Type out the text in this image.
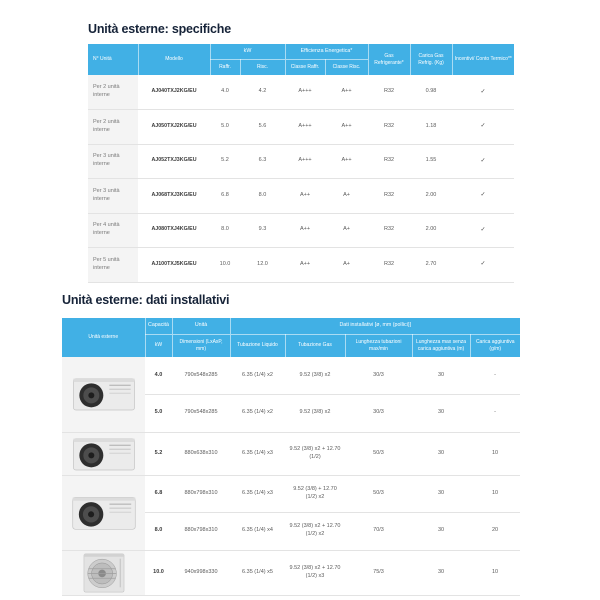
Unità esterne: specifiche
N° Unità	Modello	kW		Efficienza Energetica*		Gas Refrigerante*	Carica Gas Refrig. (Kg)	Incentivi/ Conto Termico**
		Raffr.	Risc.	Classe Raffr.	Classe Risc.			
Per 2 unità interne	AJ040TXJ2KG/EU	4.0	4.2	A+++	A++	R32	0.98	✓
Per 2 unità interne	AJ050TXJ2KG/EU	5.0	5.6	A+++	A++	R32	1.18	✓
Per 3 unità interne	AJ052TXJ3KG/EU	5.2	6.3	A+++	A++	R32	1.55	✓
Per 3 unità interne	AJ068TXJ3KG/EU	6.8	8.0	A++	A+	R32	2.00	✓
Per 4 unità interne	AJ080TXJ4KG/EU	8.0	9.3	A++	A+	R32	2.00	✓
Per 5 unità interne	AJ100TXJ5KG/EU	10.0	12.0	A++	A+	R32	2.70	✓
Unità esterne: dati installativi
Unità esterne	Capacità	Unità	Dati installativi [ø, mm (pollici)]				
	kW	Dimensioni (LxAxP, mm)	Tubazione Liquido	Tubazione Gas	Lunghezza tubazioni max/min	Lunghezza max senza carica aggiuntiva (m)	Carica aggiuntiva (g/m)

	4.0	790x548x285	6.35 (1/4) x2	9.52 (3/8) x2	30/3	30	-
	5.0	790x548x285	6.35 (1/4) x2	9.52 (3/8) x2	30/3	30	-

	5.2	880x638x310	6.35 (1/4) x3	9.52 (3/8) x2 + 12.70 (1/2)	50/3	30	10

	6.8	880x798x310	6.35 (1/4) x3	9.52 (3/8) + 12.70 (1/2) x2	50/3	30	10
	8.0	880x798x310	6.35 (1/4) x4	9.52 (3/8) x2 + 12.70 (1/2) x2	70/3	30	20

	10.0	940x998x330	6.35 (1/4) x5	9.52 (3/8) x2 + 12.70 (1/2) x3	75/3	30	10
